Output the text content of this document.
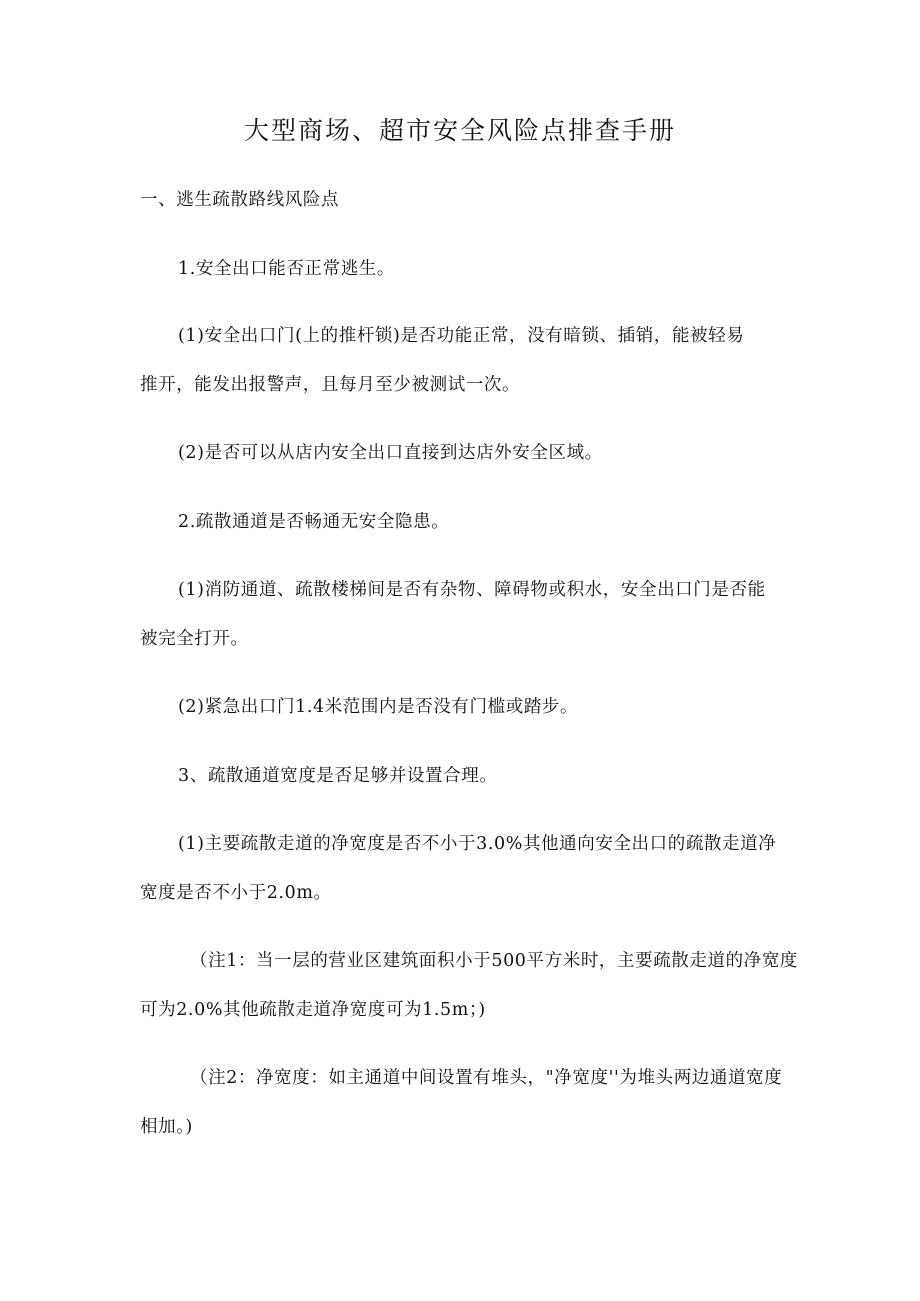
大型商场、超市安全风险点排查手册
一、逃生疏散路线风险点
1.安全出口能否正常逃生。
(1)安全出口门(上的推杆锁)是否功能正常，没有暗锁、插销，能被轻易
推开，能发出报警声，且每月至少被测试一次。
(2)是否可以从店内安全出口直接到达店外安全区域。
2.疏散通道是否畅通无安全隐患。
(1)消防通道、疏散楼梯间是否有杂物、障碍物或积水，安全出口门是否能
被完全打开。
(2)紧急出口门1.4米范围内是否没有门槛或踏步。
3、疏散通道宽度是否足够并设置合理。
(1)主要疏散走道的净宽度是否不小于3.0%其他通向安全出口的疏散走道净
宽度是否不小于2.0m。
（注1：当一层的营业区建筑面积小于500平方米时，主要疏散走道的净宽度
可为2.0%其他疏散走道净宽度可为1.5m；)
（注2：净宽度：如主通道中间设置有堆头，"净宽度''为堆头两边通道宽度
相加。)
